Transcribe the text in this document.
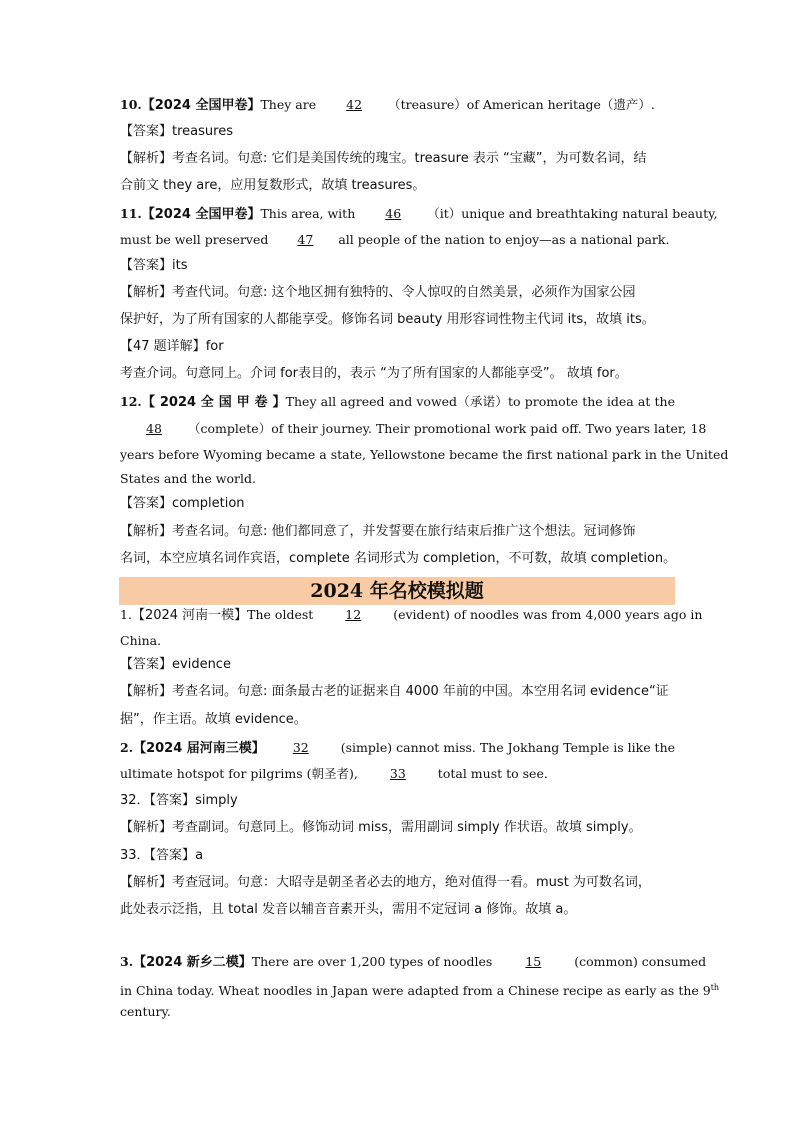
10.【2024 全国甲卷】They are 42 （treasure）of American heritage（遗产）.
【答案】treasures
【解析】考查名词。句意: 它们是美国传统的瑰宝。treasure 表示 “宝藏”，为可数名词，结
合前文 they are，应用复数形式，故填 treasures。
11.【2024 全国甲卷】This area, with 46 （it）unique and breathtaking natural beauty,
must be well preserved 47 all people of the nation to enjoy—as a national park.
【答案】its
【解析】考查代词。句意: 这个地区拥有独特的、令人惊叹的自然美景，必须作为国家公园
保护好，为了所有国家的人都能享受。修饰名词 beauty 用形容词性物主代词 its，故填 its。
【47 题详解】for
考查介词。句意同上。介词 for表目的，表示 “为了所有国家的人都能享受”。 故填 for。
12.【 2024 全 国 甲 卷 】They all agreed and vowed（承诺）to promote the idea at the
48 （complete）of their journey. Their promotional work paid off. Two years later, 18
years before Wyoming became a state, Yellowstone became the first national park in the United
States and the world.
【答案】completion
【解析】考查名词。句意: 他们都同意了，并发誓要在旅行结束后推广这个想法。冠词修饰
名词，本空应填名词作宾语，complete 名词形式为 completion，不可数，故填 completion。
2024 年名校模拟题
1.【2024 河南一模】The oldest 12 (evident) of noodles was from 4,000 years ago in
China.
【答案】evidence
【解析】考查名词。句意: 面条最古老的证据来自 4000 年前的中国。本空用名词 evidence“证
据”，作主语。故填 evidence。
2.【2024 届河南三模】 32 (simple) cannot miss. The Jokhang Temple is like the
ultimate hotspot for pilgrims (朝圣者), 33 total must to see.
32．【答案】simply
【解析】考查副词。句意同上。修饰动词 miss，需用副词 simply 作状语。故填 simply。
33．【答案】a
【解析】考查冠词。句意：大昭寺是朝圣者必去的地方，绝对值得一看。must 为可数名词，
此处表示泛指，且 total 发音以辅音音素开头，需用不定冠词 a 修饰。故填 a。
3.【2024 新乡二模】There are over 1,200 types of noodles 15 (common) consumed
in China today. Wheat noodles in Japan were adapted from a Chinese recipe as early as the 9th
century.
